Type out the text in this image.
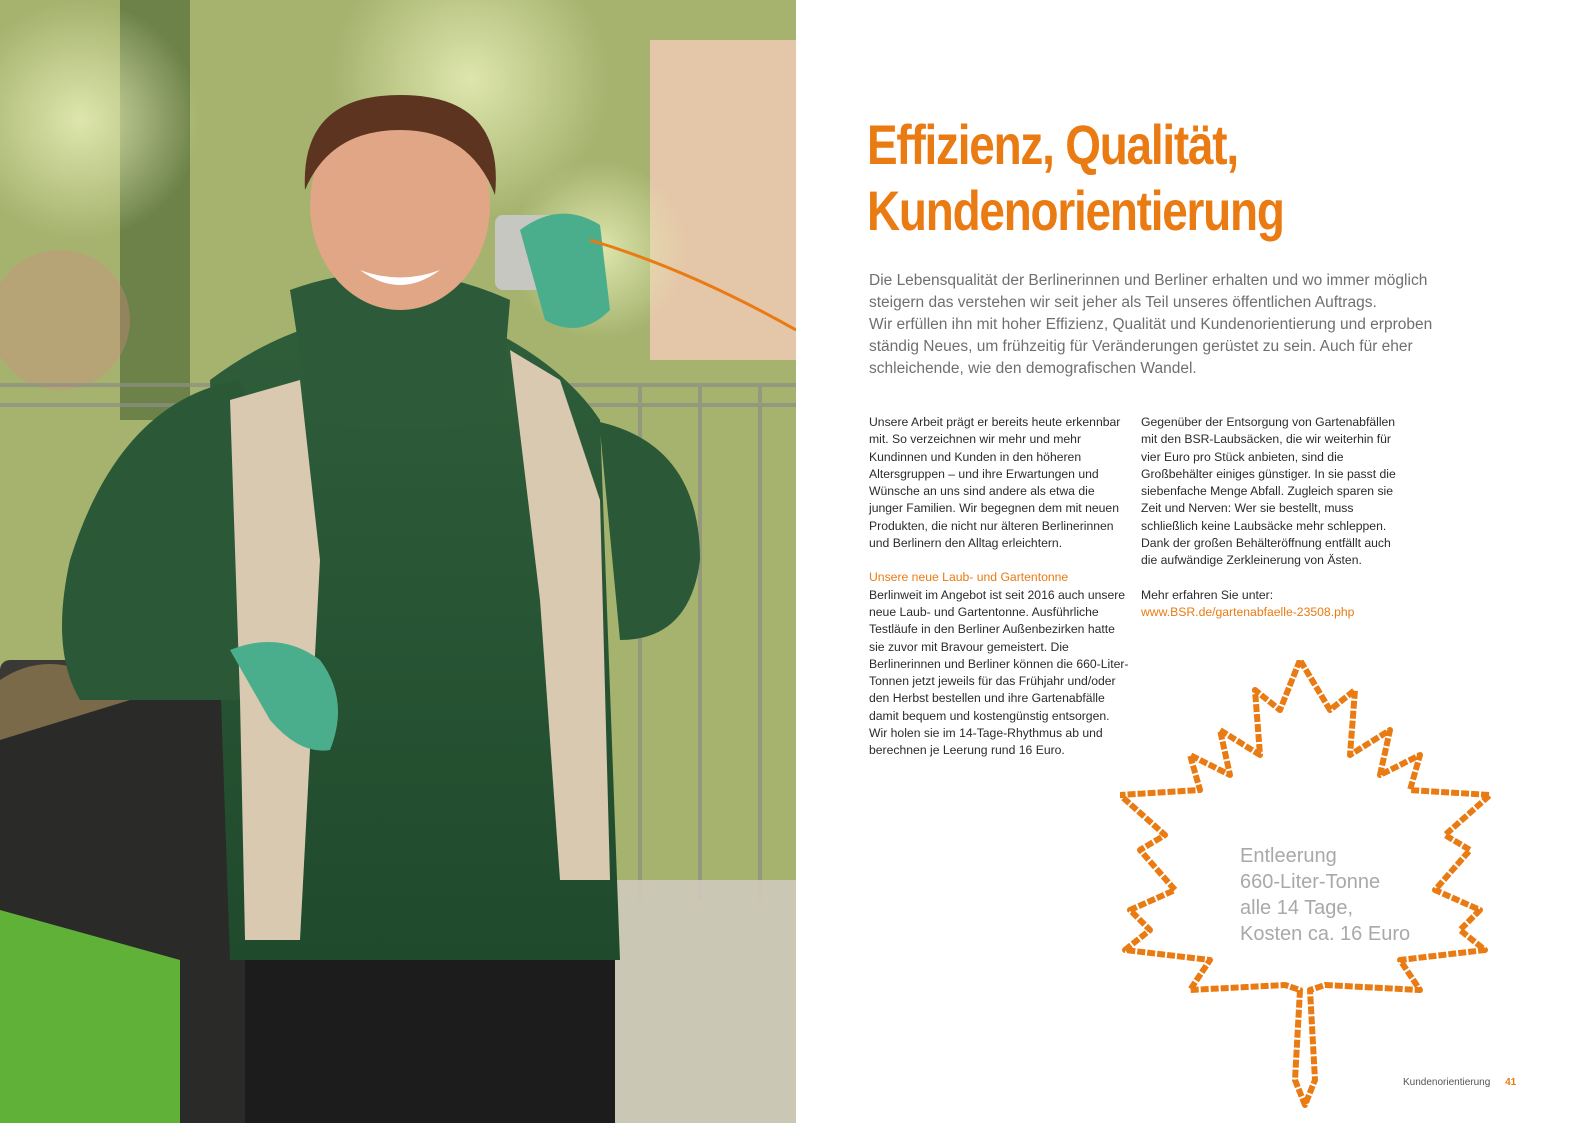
Effizienz, Qualität,
Kundenorientierung

Die Lebensqualität der Berlinerinnen und Berliner erhalten und wo immer möglich steigern das verstehen wir seit jeher als Teil unseres öffentlichen Auftrags.

Wir erfüllen ihn mit hoher Effizienz, Qualität und Kundenorientierung und erproben ständig Neues, um frühzeitig für Veränderungen gerüstet zu sein. Auch für eher schleichende, wie den demografischen Wandel.

Unsere Arbeit prägt er bereits heute erkennbar mit. So verzeichnen wir mehr und mehr Kundinnen und Kunden in den höheren Altersgruppen – und ihre Erwartungen und Wünsche an uns sind andere als etwa die junger Familien. Wir begegnen dem mit neuen Produkten, die nicht nur älteren Berlinerinnen und Berlinern den Alltag erleichtern.

Unsere neue Laub- und Gartentonne

Berlinweit im Angebot ist seit 2016 auch unsere neue Laub- und Gartentonne. Ausführliche Testläufe in den Berliner Außenbezirken hatte sie zuvor mit Bravour gemeistert. Die Berlinerinnen und Berliner können die 660-Liter-Tonnen jetzt jeweils für das Frühjahr und/oder den Herbst bestellen und ihre Gartenabfälle damit bequem und kostengünstig entsorgen. Wir holen sie im 14-Tage-Rhythmus ab und berechnen je Leerung rund 16 Euro.

Gegenüber der Entsorgung von Gartenabfällen mit den BSR-Laubsäcken, die wir weiterhin für vier Euro pro Stück anbieten, sind die Großbehälter einiges günstiger. In sie passt die siebenfache Menge Abfall. Zugleich sparen sie Zeit und Nerven: Wer sie bestellt, muss schließlich keine Laubsäcke mehr schleppen. Dank der großen Behälteröffnung entfällt auch die aufwändige Zerkleinerung von Ästen.

Mehr erfahren Sie unter:

www.BSR.de/gartenabfaelle-23508.php

Entleerung
660-Liter-Tonne
alle 14 Tage,
Kosten ca. 16 Euro
Kundenorientierung 41
